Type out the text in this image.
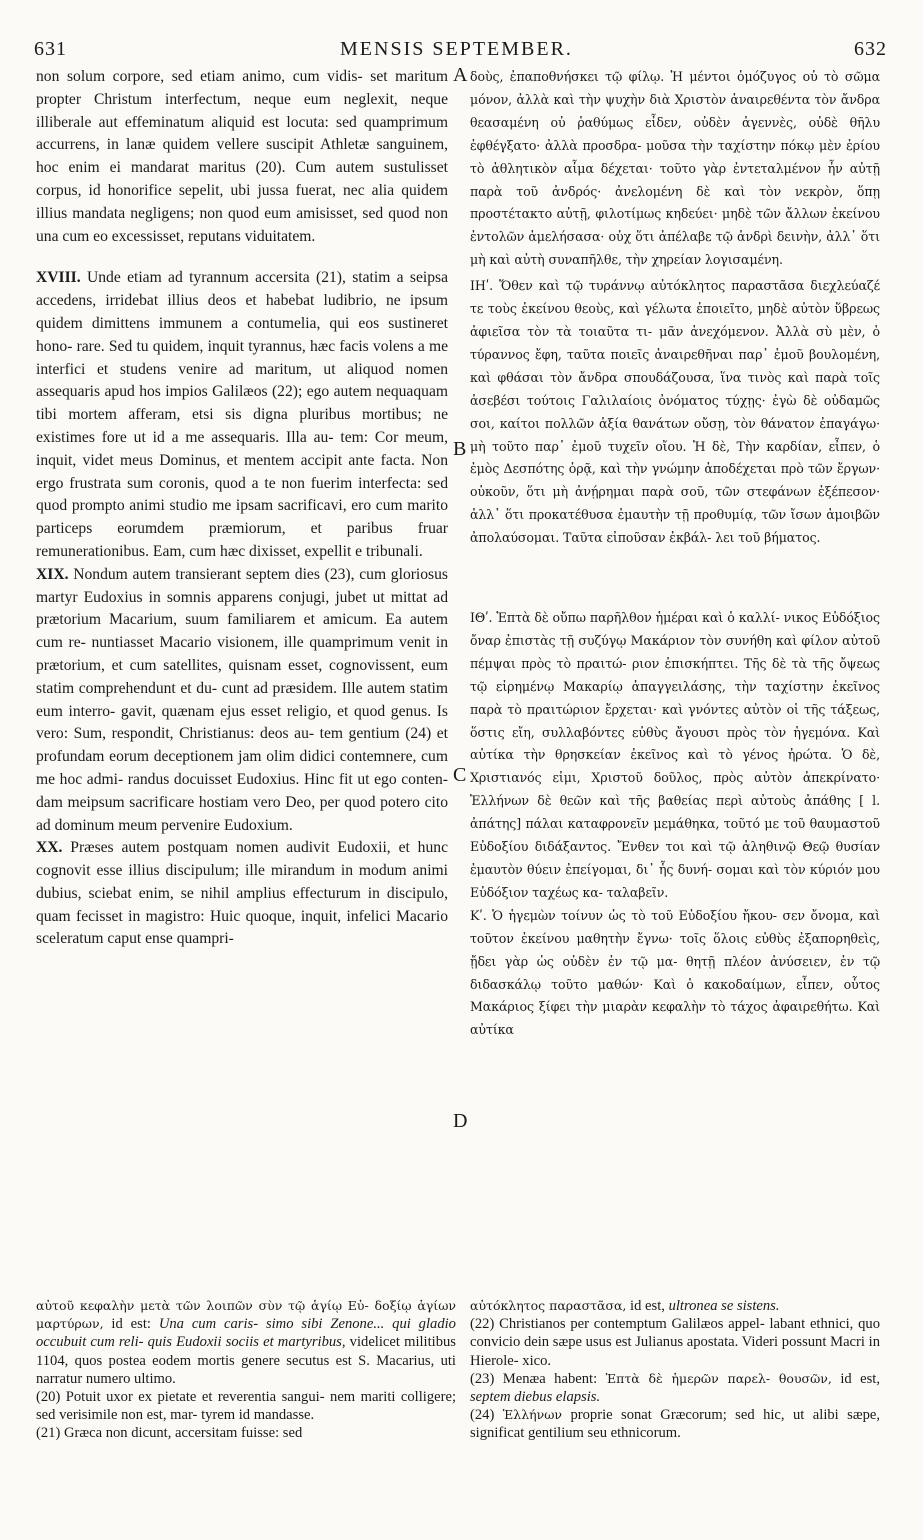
631	MENSIS SEPTEMBER.	632
A
B
C
D

non solum corpore, sed etiam animo, cum vidis- set maritum propter Christum interfectum, neque eum neglexit, neque illiberale aut effeminatum aliquid est locuta: sed quamprimum accurrens, in lanæ quidem vellere suscipit Athletæ sanguinem, hoc enim ei mandarat maritus (20). Cum autem sustulisset corpus, id honorifice sepelit, ubi jussa fuerat, nec alia quidem illius mandata negligens; non quod eum amisisset, sed quod non una cum eo excessisset, reputans viduitatem.

XVIII. Unde etiam ad tyrannum accersita (21), statim a seipsa accedens, irridebat illius deos et habebat ludibrio, ne ipsum quidem dimittens immunem a contumelia, qui eos sustineret hono- rare. Sed tu quidem, inquit tyrannus, hæc facis volens a me interfici et studens venire ad maritum, ut aliquod nomen assequaris apud hos impios Galilæos (22); ego autem nequaquam tibi mortem afferam, etsi sis digna pluribus mortibus; ne existimes fore ut id a me assequaris. Illa au- tem: Cor meum, inquit, videt meus Dominus, et mentem accipit ante facta. Non ergo frustrata sum coronis, quod a te non fuerim interfecta: sed quod prompto animi studio me ipsam sacrificavi, ero cum marito particeps eorumdem præmiorum, et paribus fruar remunerationibus. Eam, cum hæc dixisset, expellit e tribunali.

XIX. Nondum autem transierant septem dies (23), cum gloriosus martyr Eudoxius in somnis apparens conjugi, jubet ut mittat ad prætorium Macarium, suum familiarem et amicum. Ea autem cum re- nuntiasset Macario visionem, ille quamprimum venit in prætorium, et cum satellites, quisnam esset, cognovissent, eum statim comprehendunt et du- cunt ad præsidem. Ille autem statim eum interro- gavit, quænam ejus esset religio, et quod genus. Is vero: Sum, respondit, Christianus: deos au- tem gentium (24) et profundam eorum deceptionem jam olim didici contemnere, cum me hoc admi- randus docuisset Eudoxius. Hinc fit ut ego conten- dam meipsum sacrificare hostiam vero Deo, per quod potero cito ad dominum meum pervenire Eudoxium.

XX. Præses autem postquam nomen audivit Eudoxii, et hunc cognovit esse illius discipulum; ille mirandum in modum animi dubius, sciebat enim, se nihil amplius effecturum in discipulo, quam fecisset in magistro: Huic quoque, inquit, infelici Macario sceleratum caput ense quampri-

δοὺς, ἐπαποθνήσκει τῷ φίλῳ. Ἡ μέντοι ὁμόζυγος οὐ τὸ σῶμα μόνον, ἀλλὰ καὶ τὴν ψυχὴν διὰ Χριστὸν ἀναιρεθέντα τὸν ἄνδρα θεασαμένη οὐ ῥαθύμως εἶδεν, οὐδὲν ἀγεννὲς, οὐδὲ θῆλυ ἐφθέγξατο· ἀλλὰ προσδρα- μοῦσα τὴν ταχίστην πόκῳ μὲν ἐρίου τὸ ἀθλητικὸν αἷμα δέχεται· τοῦτο γὰρ ἐντεταλμένον ἦν αὐτῇ παρὰ τοῦ ἀνδρός· ἀνελομένη δὲ καὶ τὸν νεκρὸν, ὅπῃ προστέτακτο αὐτῇ, φιλοτίμως κηδεύει· μηδὲ τῶν ἄλλων ἐκείνου ἐντολῶν ἀμελήσασα· οὐχ ὅτι ἀπέλαβε τῷ ἀνδρὶ δεινὴν, ἀλλ᾽ ὅτι μὴ καὶ αὐτὴ συναπῆλθε, τὴν χηρείαν λογισαμένη.

ΙΗʹ. Ὅθεν καὶ τῷ τυράννῳ αὐτόκλητος παραστᾶσα διεχλεύαζέ τε τοὺς ἐκείνου θεοὺς, καὶ γέλωτα ἐποιεῖτο, μηδὲ αὐτὸν ὕβρεως ἀφιεῖσα τὸν τὰ τοιαῦτα τι- μᾶν ἀνεχόμενον. Ἀλλὰ σὺ μὲν, ὁ τύραννος ἔφη, ταῦτα ποιεῖς ἀναιρεθῆναι παρ᾽ ἐμοῦ βουλομένη, καὶ φθάσαι τὸν ἄνδρα σπουδάζουσα, ἵνα τινὸς καὶ παρὰ τοῖς ἀσεβέσι τούτοις Γαλιλαίοις ὀνόματος τύχῃς· ἐγὼ δὲ οὐδαμῶς σοι, καίτοι πολλῶν ἀξία θανάτων οὔσῃ, τὸν θάνατον ἐπαγάγω· μὴ τοῦτο παρ᾽ ἐμοῦ τυχεῖν οἴου. Ἡ δὲ, Τὴν καρδίαν, εἶπεν, ὁ ἐμὸς Δεσπότης ὁρᾷ, καὶ τὴν γνώμην ἀποδέχεται πρὸ τῶν ἔργων· οὐκοῦν, ὅτι μὴ ἀνῄρημαι παρὰ σοῦ, τῶν στεφάνων ἐξέπεσον· ἀλλ᾽ ὅτι προκατέθυσα ἐμαυτὴν τῇ προθυμίᾳ, τῶν ἴσων ἀμοιβῶν ἀπολαύσομαι. Ταῦτα εἰποῦσαν ἐκβάλ- λει τοῦ βήματος.

ΙΘʹ. Ἑπτὰ δὲ οὔπω παρῆλθον ἡμέραι καὶ ὁ καλλί- νικος Εὐδόξιος ὄναρ ἐπιστὰς τῇ συζύγῳ Μακάριον τὸν συνήθη καὶ φίλον αὐτοῦ πέμψαι πρὸς τὸ πραιτώ- ριον ἐπισκήπτει. Τῆς δὲ τὰ τῆς ὄψεως τῷ εἰρημένῳ Μακαρίῳ ἀπαγγειλάσης, τὴν ταχίστην ἐκεῖνος παρὰ τὸ πραιτώριον ἔρχεται· καὶ γνόντες αὐτὸν οἱ τῆς τάξεως, ὅστις εἴη, συλλαβόντες εὐθὺς ἄγουσι πρὸς τὸν ἡγεμόνα. Καὶ αὐτίκα τὴν θρησκείαν ἐκεῖνος καὶ τὸ γένος ἠρώτα. Ὁ δὲ, Χριστιανός εἰμι, Χριστοῦ δοῦλος, πρὸς αὐτὸν ἀπεκρίνατο· Ἑλλήνων δὲ θεῶν καὶ τῆς βαθείας περὶ αὐτοὺς ἀπάθης [ l. ἀπάτης] πάλαι καταφρονεῖν μεμάθηκα, τοῦτό με τοῦ θαυμαστοῦ Εὐδοξίου διδάξαντος. Ἔνθεν τοι καὶ τῷ ἀληθινῷ Θεῷ θυσίαν ἐμαυτὸν θύειν ἐπείγομαι, δι᾽ ἧς δυνή- σομαι καὶ τὸν κύριόν μου Εὐδόξιον ταχέως κα- ταλαβεῖν.

Κʹ. Ὁ ἡγεμὼν τοίνυν ὡς τὸ τοῦ Εὐδοξίου ἤκου- σεν ὄνομα, καὶ τοῦτον ἐκείνου μαθητὴν ἔγνω· τοῖς ὅλοις εὐθὺς ἐξαπορηθεὶς, ᾔδει γὰρ ὡς οὐδὲν ἐν τῷ μα- θητῇ πλέον ἀνύσειεν, ἐν τῷ διδασκάλῳ τοῦτο μαθών· Καὶ ὁ κακοδαίμων, εἶπεν, οὗτος Μακάριος ξίφει τὴν μιαρὰν κεφαλὴν τὸ τάχος ἀφαιρεθήτω. Καὶ αὐτίκα

αὐτοῦ κεφαλὴν μετὰ τῶν λοιπῶν σὺν τῷ ἁγίῳ Εὐ- δοξίῳ ἁγίων μαρτύρων, id est: Una cum caris- simo sibi Zenone... qui gladio occubuit cum reli- quis Eudoxii sociis et martyribus, videlicet militibus 1104, quos postea eodem mortis genere secutus est S. Macarius, uti narratur numero ultimo.

(20) Potuit uxor ex pietate et reverentia sangui- nem mariti colligere; sed verisimile non est, mar- tyrem id mandasse.

(21) Græca non dicunt, accersitam fuisse: sed

αὐτόκλητος παραστᾶσα, id est, ultronea se sistens.

(22) Christianos per contemptum Galilæos appel- labant ethnici, quo convicio dein sæpe usus est Julianus apostata. Videri possunt Macri in Hierole- xico.

(23) Menæa habent: Ἑπτὰ δὲ ἡμερῶν παρελ- θουσῶν, id est, septem diebus elapsis.

(24) Ἑλλήνων proprie sonat Græcorum; sed hic, ut alibi sæpe, significat gentilium seu ethnicorum.
